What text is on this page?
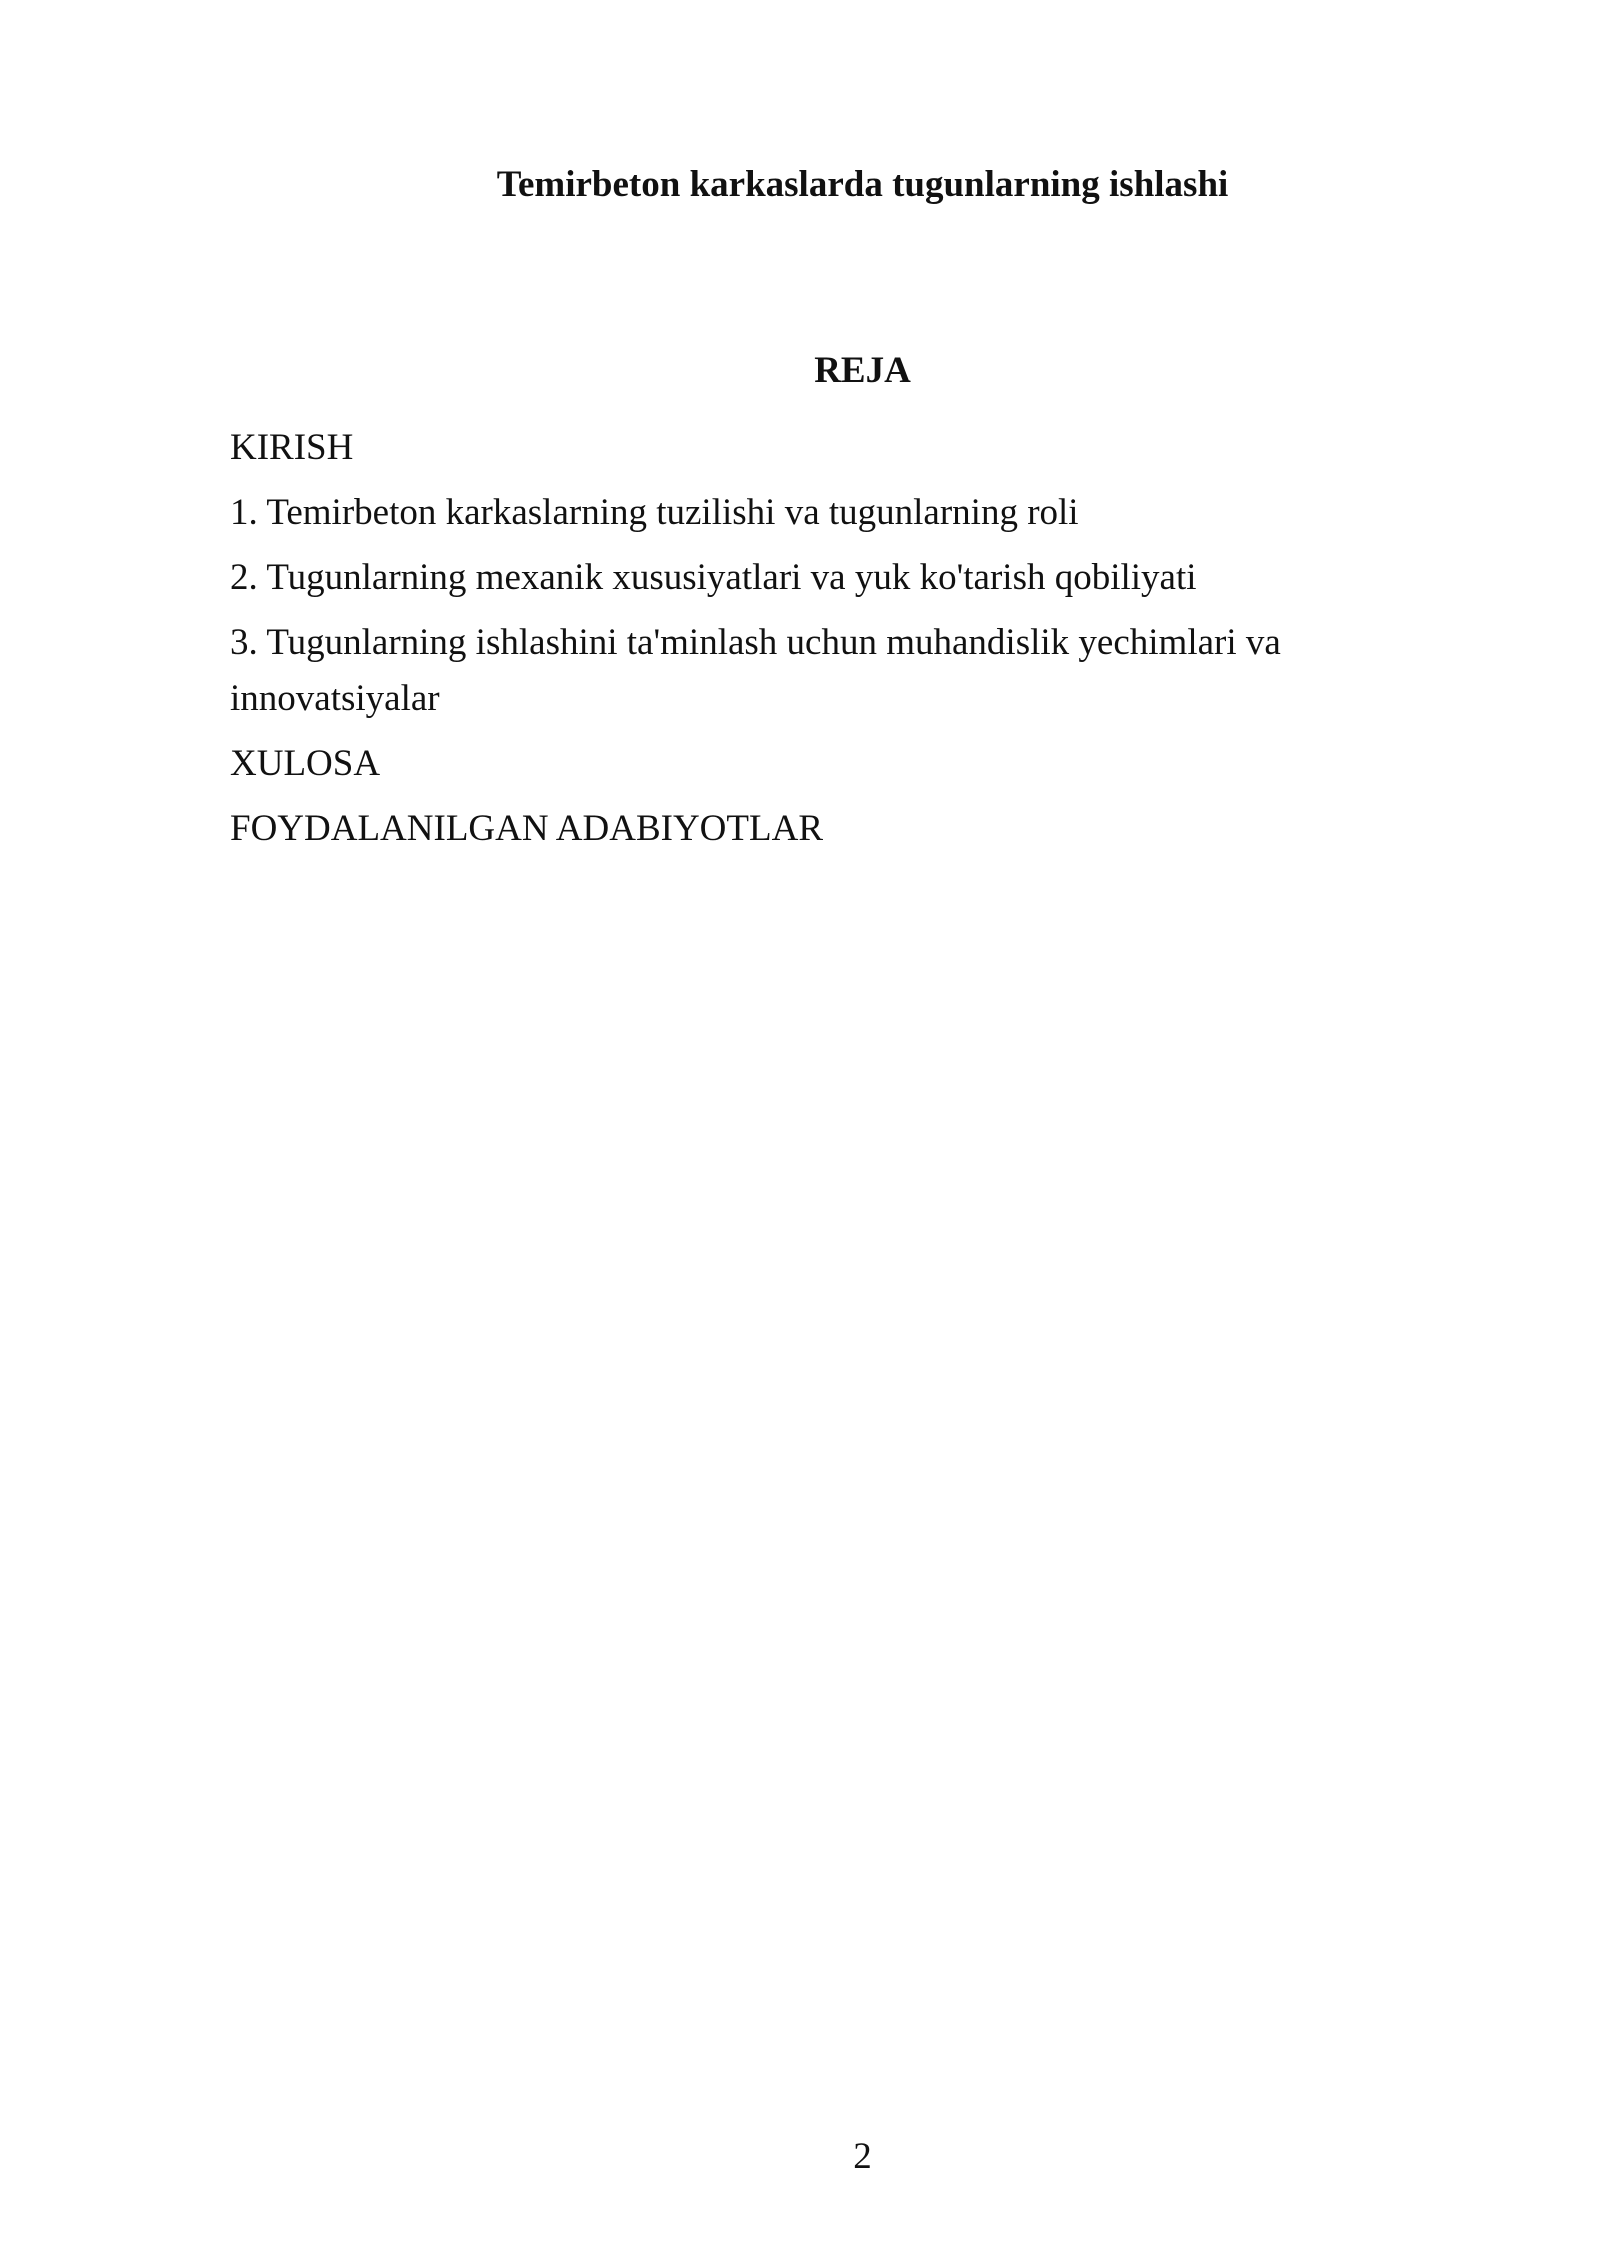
Temirbeton karkaslarda tugunlarning ishlashi
REJA
KIRISH
1. Temirbeton karkaslarning tuzilishi va tugunlarning roli
2. Tugunlarning mexanik xususiyatlari va yuk ko'tarish qobiliyati
3. Tugunlarning ishlashini ta'minlash uchun muhandislik yechimlari va innovatsiyalar
XULOSA
FOYDALANILGAN ADABIYOTLAR
2
